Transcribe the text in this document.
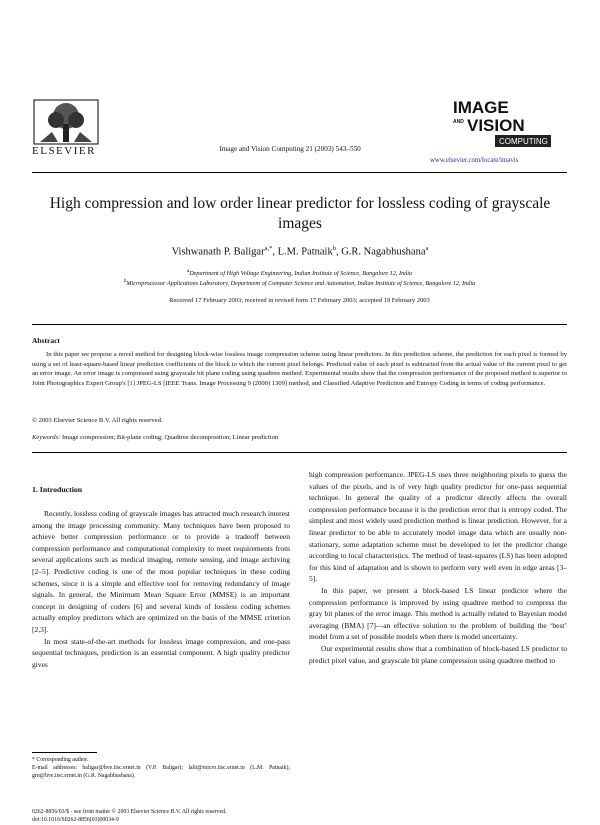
ELSEVIER	Image and Vision Computing 21 (2003) 543–550
IMAGE
AND VISION
COMPUTING
www.elsevier.com/locate/imavis
High compression and low order linear predictor for lossless coding of grayscale images
Vishwanath P. Baligar$^{a,*}$, L.M. Patnaik$^b$, G.R. Nagabhushana$^a$
$^a$Department of High Voltage Engineering, Indian Institute of Science, Bangalore 12, India
$^b$Microprocessor Applications Laboratory, Department of Computer Science and Automation, Indian Institute of Science, Bangalore 12, India
Received 17 February 2003; received in revised form 17 February 2003; accepted 19 February 2003
Abstract
In this paper we propose a novel method for designing block-wise lossless image compression scheme using linear predictors. In this prediction scheme, the prediction for each pixel is formed by using a set of least-square-based linear prediction coefficients of the block to which the current pixel belongs. Predicted value of each pixel is subtracted from the actual value of the current pixel to get an error image. An error image is compressed using grayscale bit plane coding using quadtree method. Experimental results show that the compression performance of the proposed method is superior to Joint Photographics Expert Group's [1] JPEG-LS [IEEE Trans. Image Processing 9 (2000) 1309] method, and Classified Adaptive Prediction and Entropy Coding in terms of coding performance.
© 2003 Elsevier Science B.V. All rights reserved.
Keywords: Image compression; Bit-plane coding; Quadtree decomposition; Linear prediction
1. Introduction

Recently, lossless coding of grayscale images has attracted much research interest among the image processing community. Many techniques have been proposed to achieve better compression performance or to provide a tradeoff between compression performance and computational complexity to meet requirements from several applications such as medical imaging, remote sensing, and image archiving [2–5]. Predictive coding is one of the most popular techniques in these coding schemes, since it is a simple and effective tool for removing redundancy of image signals. In general, the Minimum Mean Square Error (MMSE) is an important concept in designing of coders [6] and several kinds of lossless coding schemes actually employ predictors which are optimized on the basis of the MMSE criterion [2,3].

In most state-of-the-art methods for lossless image compression, and one-pass sequential techniques, prediction is an essential component. A high quality predictor gives

high compression performance. JPEG-LS uses three neighboring pixels to guess the values of the pixels, and is of very high quality predictor for one-pass sequential technique. In general the quality of a predictor directly affects the overall compression performance because it is the prediction error that is entropy coded. The simplest and most widely used prediction method is linear prediction. However, for a linear predictor to be able to accurately model image data which are usually non-stationary, some adaptation scheme must be developed to let the predictor change according to local characteristics. The method of least-squares (LS) has been adopted for this kind of adaptation and is shown to perform very well even in edge areas [3–5].

In this paper, we present a block-based LS linear predictor where the compression performance is improved by using quadtree method to compress the gray bit planes of the error image. This method is actually related to Bayesian model averaging (BMA) [7]—an effective solution to the problem of building the ‘best’ model from a set of possible models when there is model uncertainty.

Our experimental results show that a combination of block-based LS predictor to predict pixel value, and grayscale bit plane compression using quadtree method to

* Corresponding author.
E-mail addresses: baligar@hve.iisc.ernet.in (V.P. Baligar); lalit@micro.iisc.ernet.in (L.M. Patnaik); grn@hve.iisc.ernet.in (G.R. Nagabhushana).
0262-8856/03/$ - see front matter © 2003 Elsevier Science B.V. All rights reserved.
doi:10.1016/S0262-8856(03)00034-9
